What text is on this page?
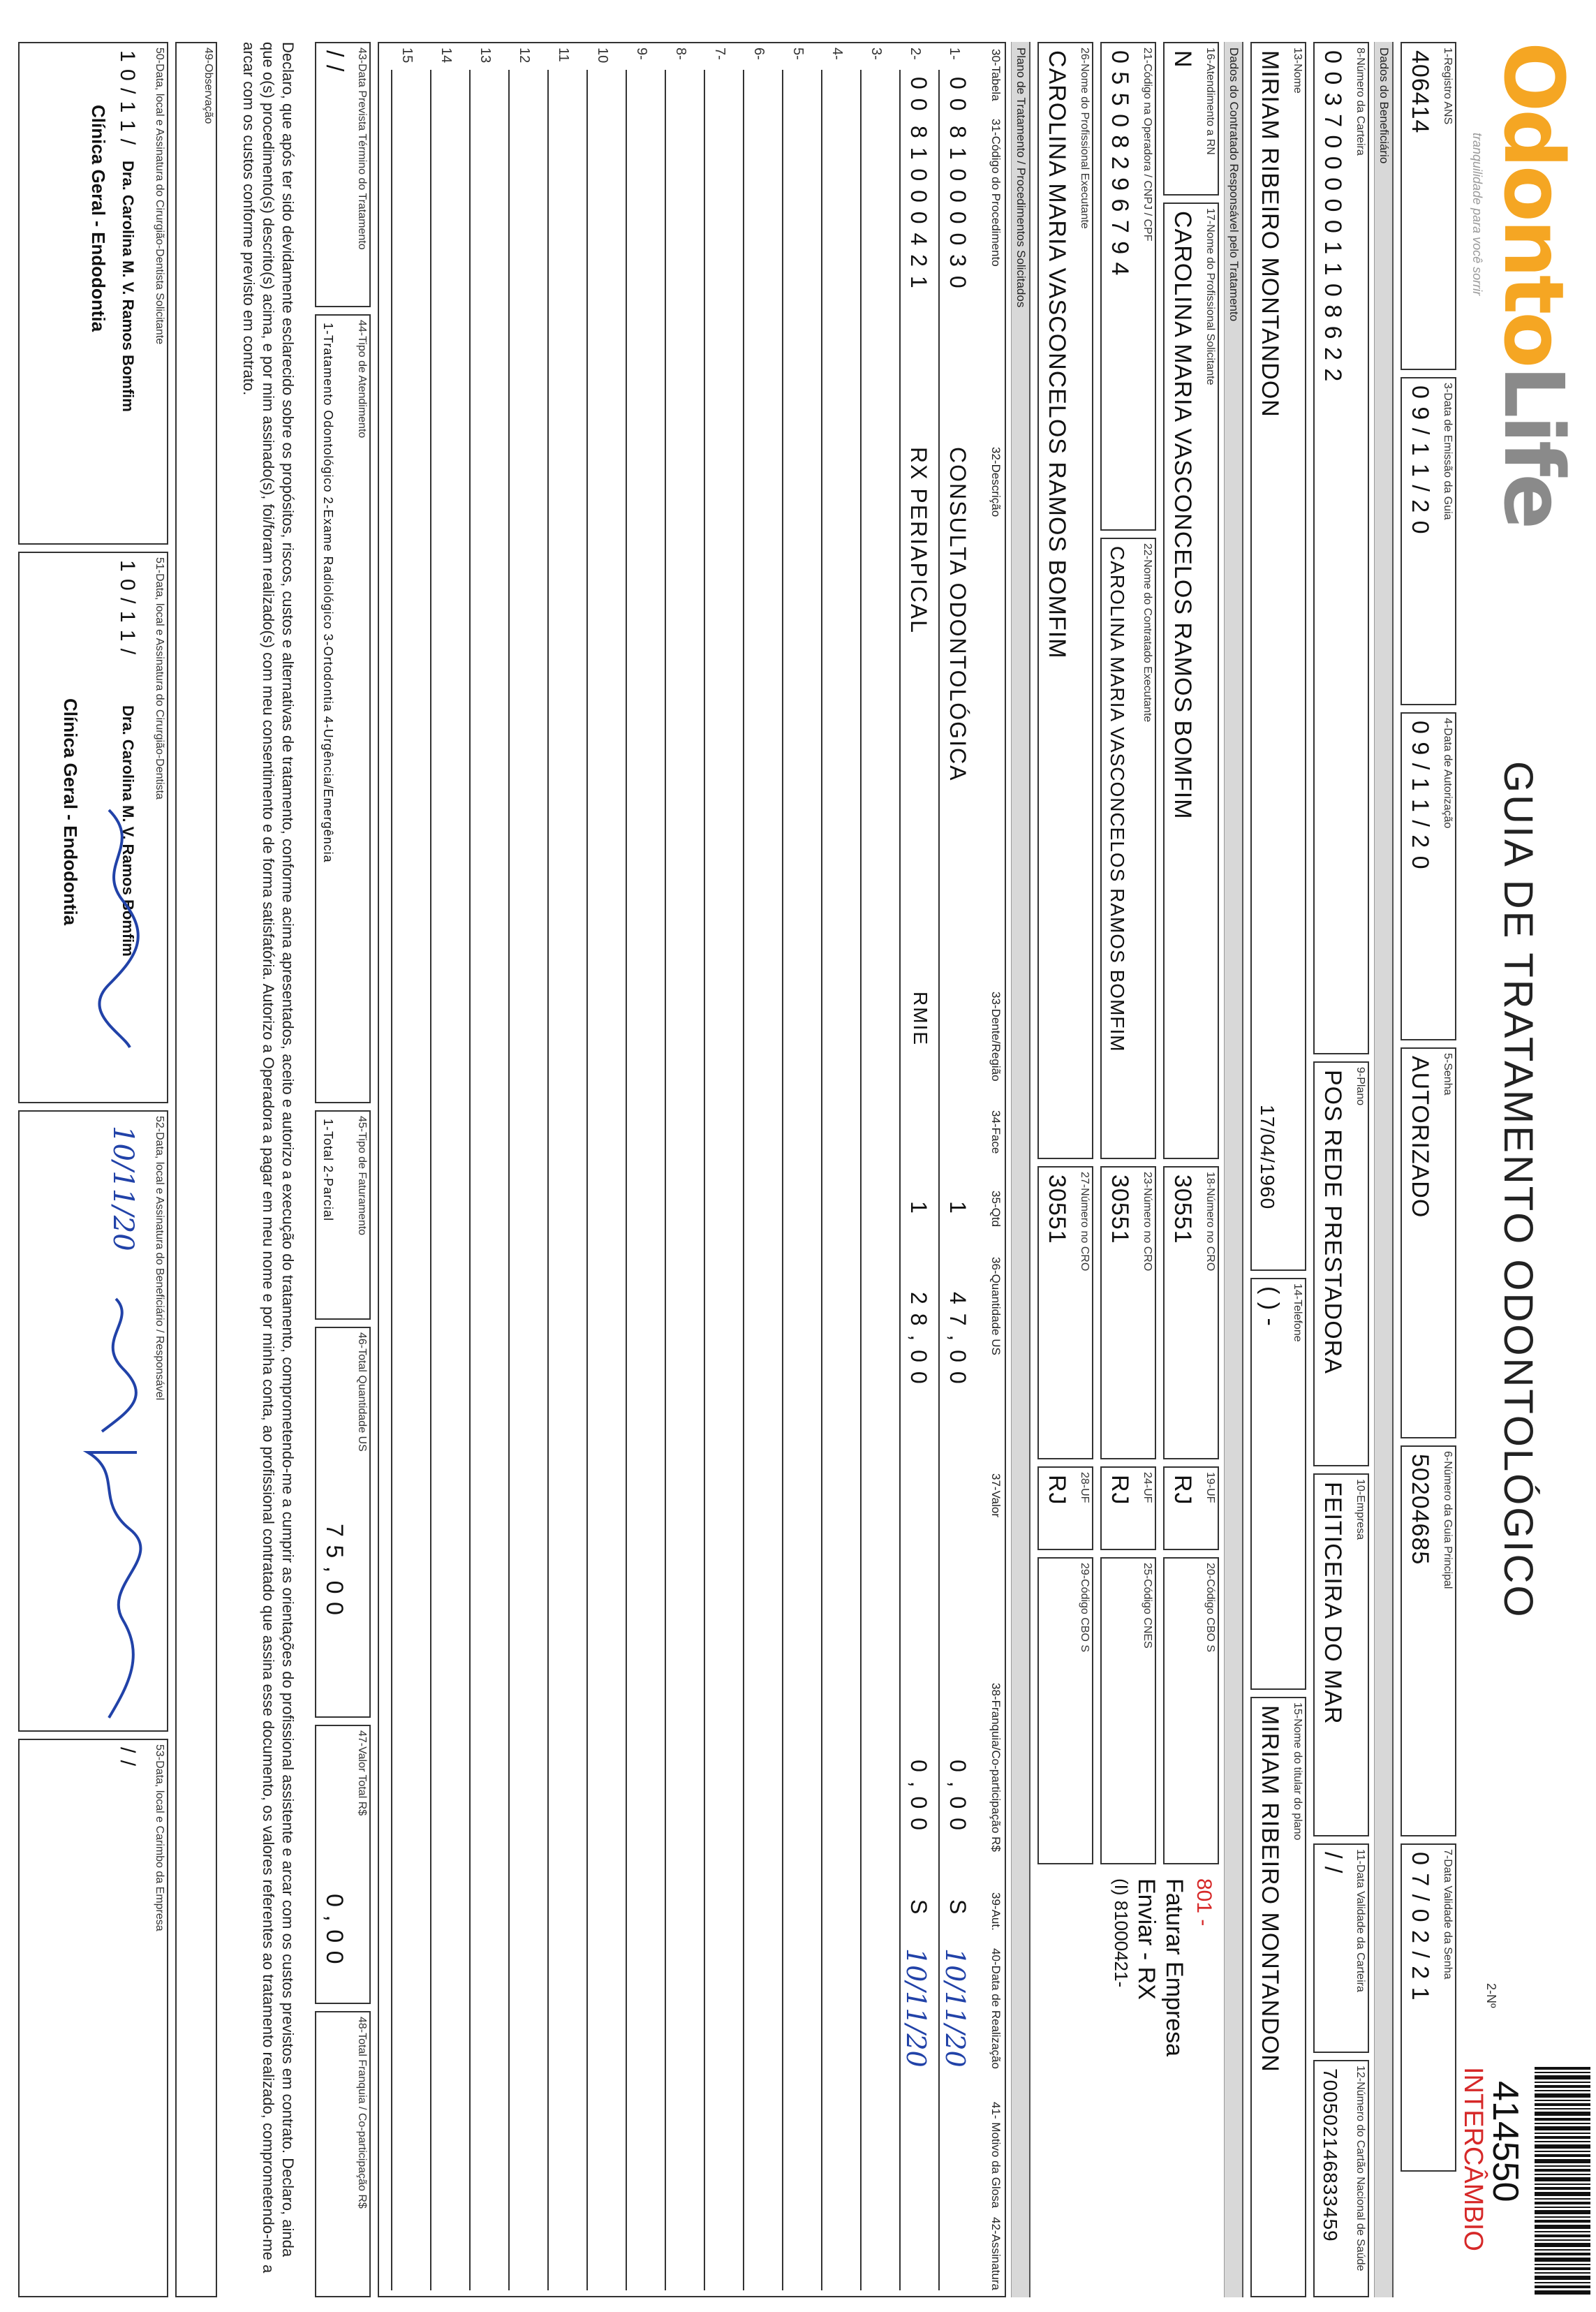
OdontoLife
tranquilidade para você sorrir
GUIA DE TRATAMENTO ODONTOLÓGICO
2-Nº
414550
INTERCÂMBIO
1-Registro ANS
406414
3-Data de Emissão da Guia
0 9 / 1 1 / 2 0
4-Data de Autorização
0 9 / 1 1 / 2 0
5-Senha
AUTORIZADO
6-Número da Guia Principal
50204685
7-Data Validade da Senha
0 7 / 0 2 / 2 1
Dados do Beneficiário
8-Número da Carteira
0 0 3 7 0 0 0 0 0 1 1 0 8 6 2 2
9-Plano
POS REDE PRESTADORA
10-Empresa
FEITICEIRA DO MAR
11-Data Validade da Carteira
/ /
12-Número do Cartão Nacional de Saúde
700502146833459
13-Nome
MIRIAM RIBEIRO MONTANDON
17/04/1960
14-Telefone
( ) -
15-Nome do titular do plano
MIRIAM RIBEIRO MONTANDON
Dados do Contratado Responsável pelo Tratamento
16-Atendimento a RN
N
17-Nome do Profissional Solicitante
CAROLINA MARIA VASCONCELOS RAMOS BOMFIM
18-Número no CRO
30551
19-UF
RJ
20-Código CBO S
801 -
Faturar Empresa
Enviar - RX
(I) 81000421-
21-Código na Operadora / CNPJ / CPF
0 5 5 0 8 2 9 6 7 9 4
22-Nome do Contratado Executante
CAROLINA MARIA VASCONCELOS RAMOS BOMFIM
23-Número no CRO
30551
24-UF
RJ
25-Código CNES
26-Nome do Profissional Executante
CAROLINA MARIA VASCONCELOS RAMOS BOMFIM
27-Número no CRO
30551
28-UF
RJ
29-Código CBO S
Plano de Tratamento / Procedimentos Solicitados
30-Tabela
31-Código do Procedimento
32-Descrição
33-Dente/Região
34-Face
35-Qtd
36-Quantidade US
37-Valor
38-Franquia/Co-participação R$
39-Aut.
40-Data de Realização
41- Motivo da Glosa
42-Assinatura
43-Data Prevista Término do Tratamento
/ /
44-Tipo de Atendimento
1-Tratamento Odontológico 2-Exame Radiológico 3-Ortodontia 4-Urgência/Emergência
45-Tipo de Faturamento
1-Total 2-Parcial
46-Total Quantidade US
7 5 , 0 0
47-Valor Total R$
0 , 0 0
48-Total Franquia / Co-participação R$
Declaro, que após ter sido devidamente esclarecido sobre os propósitos, riscos, custos e alternativas de tratamento, conforme acima apresentados, aceito e autorizo a execução do tratamento, comprometendo-me a cumprir as orientações do profissional assistente e arcar com os custos previstos em contrato. Declaro, ainda que o(s) procedimento(s) descrito(s) acima, e por mim assinado(s), foi/foram realizado(s) com meu consentimento e de forma satisfatória. Autorizo a Operadora a pagar em meu nome e por minha conta, ao profissional contratado que assina esse documento, os valores referentes ao tratamento realizado, comprometendo-me a arcar com os custos conforme previsto em contrato.
49-Observação
50-Data, local e Assinatura do Cirurgião-Dentista Solicitante
1 0 / 1 1 /
Dra. Carolina M. V. Ramos Bomfim
Clínica Geral - Endodontia
51-Data, local e Assinatura do Cirurgião-Dentista
1 0 / 1 1 /
Dra. Carolina M. V. Ramos Bomfim
Clínica Geral - Endodontia
52-Data, local e Assinatura do Beneficiário / Responsável
10/11/20
53-Data, local e Carimbo da Empresa
/ /
1-
0 0
8 1 0 0 0 0 3 0
CONSULTA ODONTOLÓGICA
1
4 7 , 0 0
0 , 0 0
S
10/11/20
2-
0 0
8 1 0 0 0 4 2 1
RX PERIAPICAL
RMIE
1
2 8 , 0 0
0 , 0 0
S
10/11/20
3-
4-
5-
6-
7-
8-
9-
10
11
12
13
14
15
